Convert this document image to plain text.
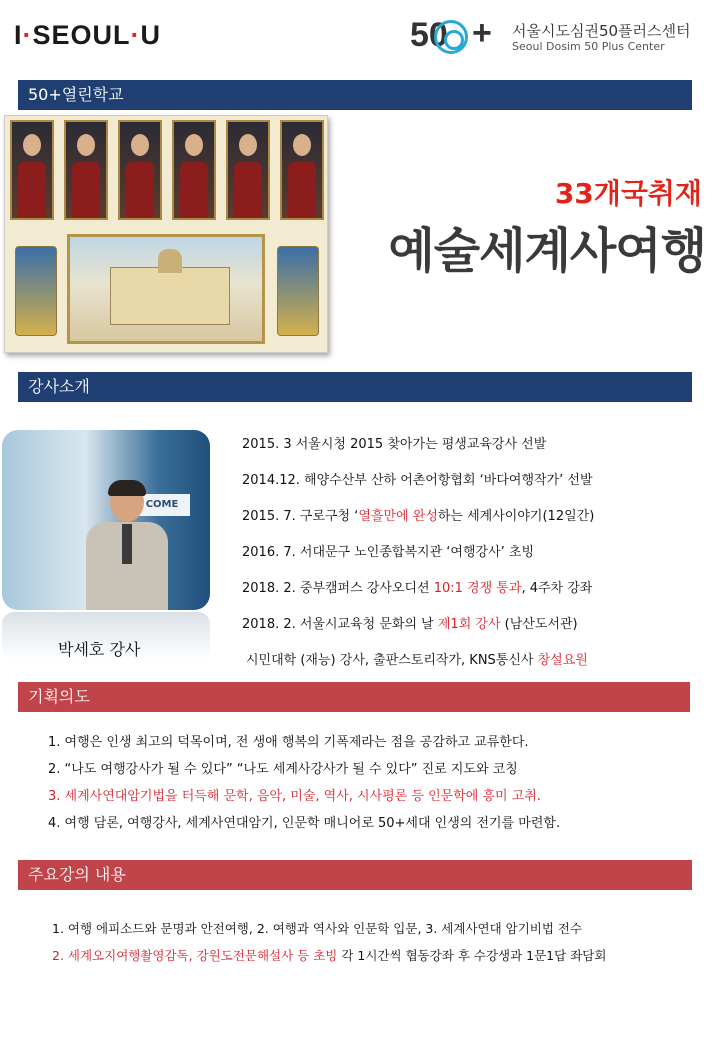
I·SEOUL·U	50 + 서울시도심권50플러스센터
Seoul Dosim 50 Plus Center
50+열린학교
33개국취재
예술세계사여행
강사소개
COME
박세호 강사
2015. 3 서울시청 2015 찾아가는 평생교육강사 선발
2014.12. 해양수산부 산하 어촌어항협회 ‘바다여행작가’ 선발
2015. 7. 구로구청 ‘열흘만에 완성하는 세계사이야기(12일간)
2016. 7. 서대문구 노인종합복지관 ‘여행강사’ 초빙
2018. 2. 중부캠퍼스 강사오디션 10:1 경쟁 통과, 4주차 강좌
2018. 2. 서울시교육청 문화의 날 제1회 강사 (남산도서관)
시민대학 (재능) 강사, 출판스토리작가, KNS통신사 창설요원
기획의도
1. 여행은 인생 최고의 덕목이며, 전 생애 행복의 기폭제라는 점을 공감하고 교류한다.
2. “나도 여행강사가 될 수 있다” “나도 세계사강사가 될 수 있다” 진로 지도와 코칭
3. 세계사연대암기법을 터득해 문학, 음악, 미술, 역사, 시사평론 등 인문학에 흥미 고취.
4. 여행 담론, 여행강사, 세계사연대암기, 인문학 매니어로 50+세대 인생의 전기를 마련함.
주요강의 내용
1. 여행 에피소드와 문명과 안전여행, 2. 여행과 역사와 인문학 입문, 3. 세계사연대 암기비법 전수
2. 세계오지여행촬영감독, 강원도전문해설사 등 초빙 각 1시간씩 협동강좌 후 수강생과 1문1답 좌담회
